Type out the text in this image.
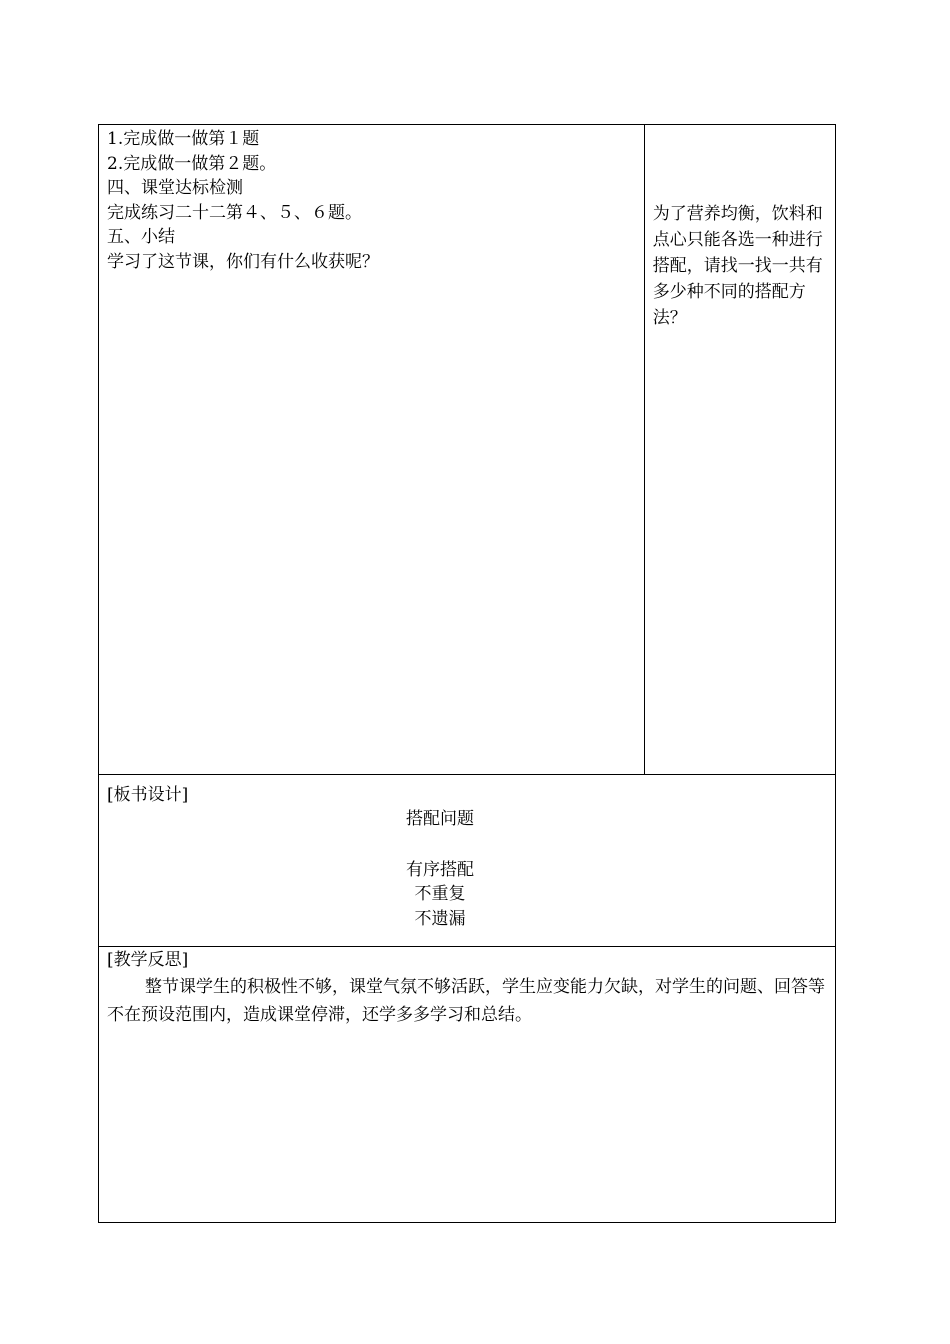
1.完成做一做第１题
2.完成做一做第２题。
四、课堂达标检测
完成练习二十二第４、５、６题。
五、小结
学习了这节课，你们有什么收获呢？

为了营养均衡，饮料和点心只能各选一种进行搭配，请找一找一共有多少种不同的搭配方法？

[板书设计]
搭配问题
有序搭配
不重复
不遗漏

[教学反思]
整节课学生的积极性不够，课堂气氛不够活跃，学生应变能力欠缺，对学生的问题、回答等不在预设范围内，造成课堂停滞，还学多多学习和总结。
